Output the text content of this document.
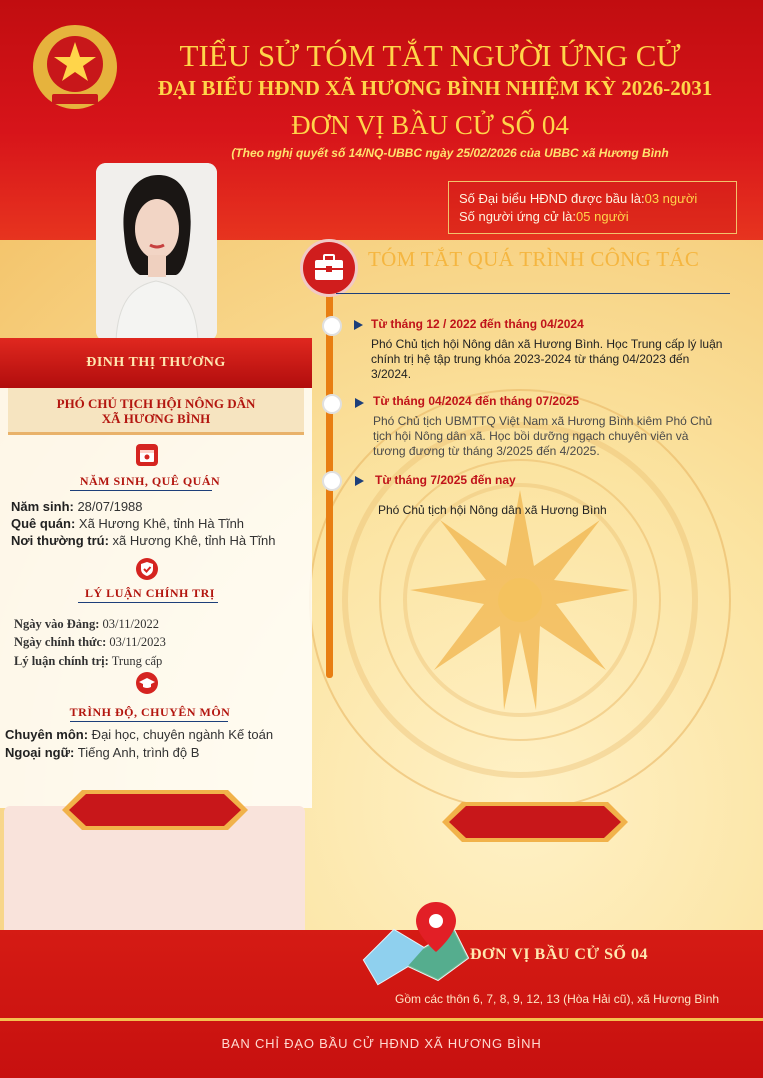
TIỂU SỬ TÓM TẮT NGƯỜI ỨNG CỬ
ĐẠI BIỂU HĐND XÃ HƯƠNG BÌNH NHIỆM KỲ 2026-2031
ĐƠN VỊ BẦU CỬ SỐ 04
(Theo nghị quyết số 14/NQ-UBBC ngày 25/02/2026 của UBBC xã Hương Bình
ĐINH THỊ THƯƠNG
PHÓ CHỦ TỊCH HỘI NÔNG DÂN
XÃ HƯƠNG BÌNH
NĂM SINH, QUÊ QUÁN
Năm sinh: 28/07/1988
Quê quán: Xã Hương Khê, tỉnh Hà Tĩnh
Nơi thường trú: xã Hương Khê, tỉnh Hà Tĩnh
LÝ LUẬN CHÍNH TRỊ
Ngày vào Đảng: 03/11/2022
Ngày chính thức: 03/11/2023
Lý luận chính trị: Trung cấp
TRÌNH ĐỘ, CHUYÊN MÔN
Chuyên môn: Đại học, chuyên ngành Kế toán
Ngoại ngữ: Tiếng Anh, trình độ B
Số Đại biểu HĐND được bầu là:03 người
Số người ứng cử là:05 người
TÓM TẮT QUÁ TRÌNH CÔNG TÁC
Từ tháng 12 / 2022 đến tháng 04/2024
Phó Chủ tịch hội Nông dân xã Hương Bình. Học Trung cấp lý luận
chính trị hệ tập trung khóa 2023-2024 từ tháng 04/2023 đến
3/2024.
Từ tháng 04/2024 đến tháng 07/2025
Phó Chủ tịch UBMTTQ Việt Nam xã Hương Bình kiêm Phó Chủ
tịch hội Nông dân xã. Học bồi dưỡng ngạch chuyên viên và
tương đương từ tháng 3/2025 đến 4/2025.
Từ tháng 7/2025 đến nay
Phó Chủ tịch hội Nông dân xã Hương Bình
ĐƠN VỊ BẦU CỬ SỐ 04
Gồm các thôn 6, 7, 8, 9, 12, 13 (Hòa Hải cũ), xã Hương Bình
BAN CHỈ ĐẠO BẦU CỬ HĐND XÃ HƯƠNG BÌNH
